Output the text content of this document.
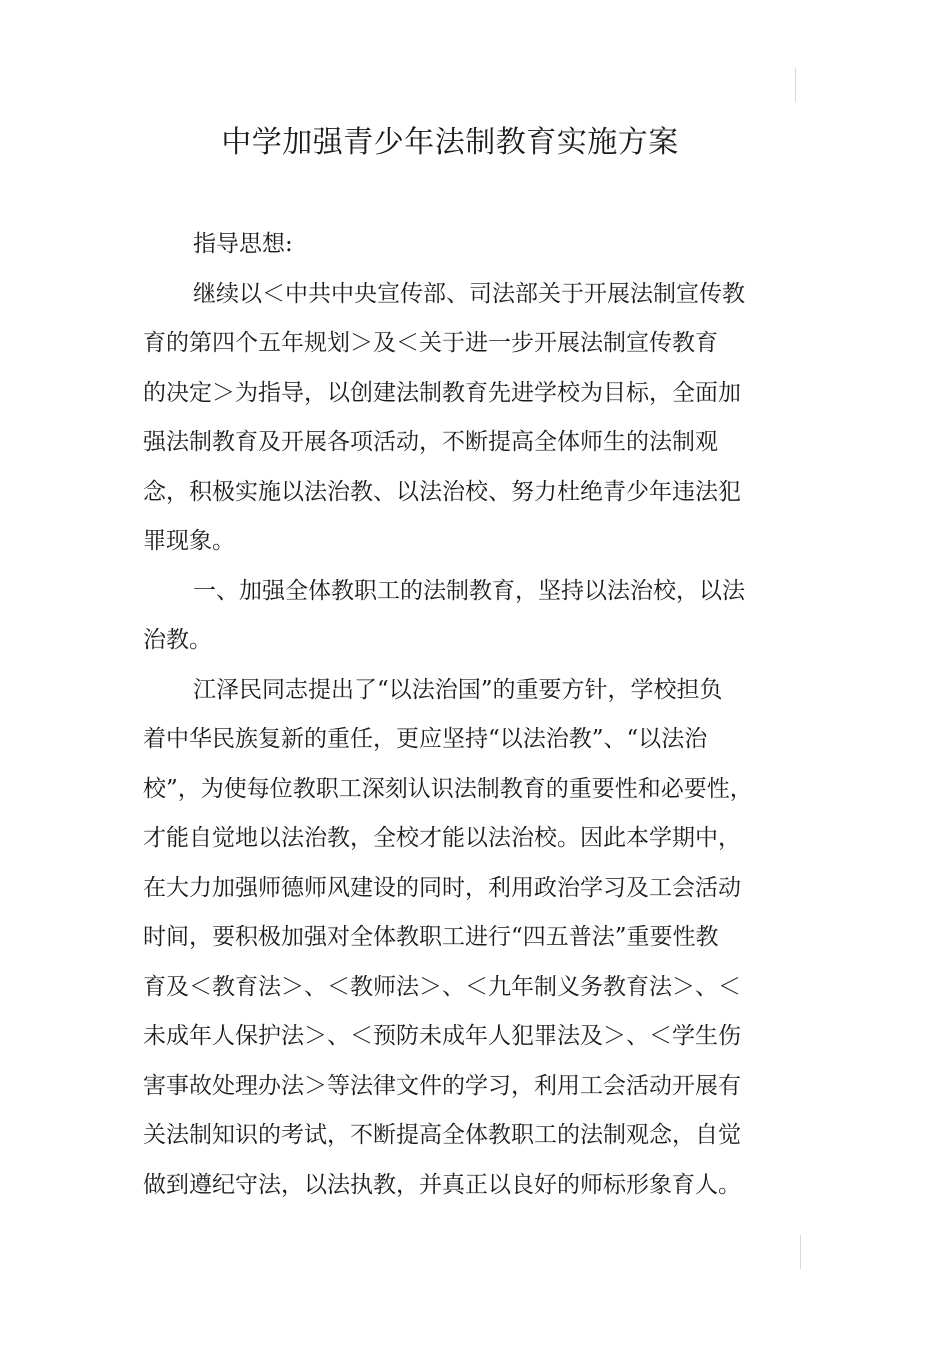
中学加强青少年法制教育实施方案

指导思想:

继续以＜中共中央宣传部、司法部关于开展法制宣传教
育的第四个五年规划＞及＜关于进一步开展法制宣传教育
的决定＞为指导，以创建法制教育先进学校为目标，全面加
强法制教育及开展各项活动，不断提高全体师生的法制观
念，积极实施以法治教、以法治校、努力杜绝青少年违法犯
罪现象。

一、加强全体教职工的法制教育，坚持以法治校，以法
治教。

江泽民同志提出了“以法治国”的重要方针，学校担负
着中华民族复新的重任，更应坚持“以法治教”、“以法治
校”，为使每位教职工深刻认识法制教育的重要性和必要性，
才能自觉地以法治教，全校才能以法治校。因此本学期中，
在大力加强师德师风建设的同时，利用政治学习及工会活动
时间，要积极加强对全体教职工进行“四五普法”重要性教
育及＜教育法＞、＜教师法＞、＜九年制义务教育法＞、＜
未成年人保护法＞、＜预防未成年人犯罪法及＞、＜学生伤
害事故处理办法＞等法律文件的学习，利用工会活动开展有
关法制知识的考试，不断提高全体教职工的法制观念，自觉
做到遵纪守法，以法执教，并真正以良好的师标形象育人。
